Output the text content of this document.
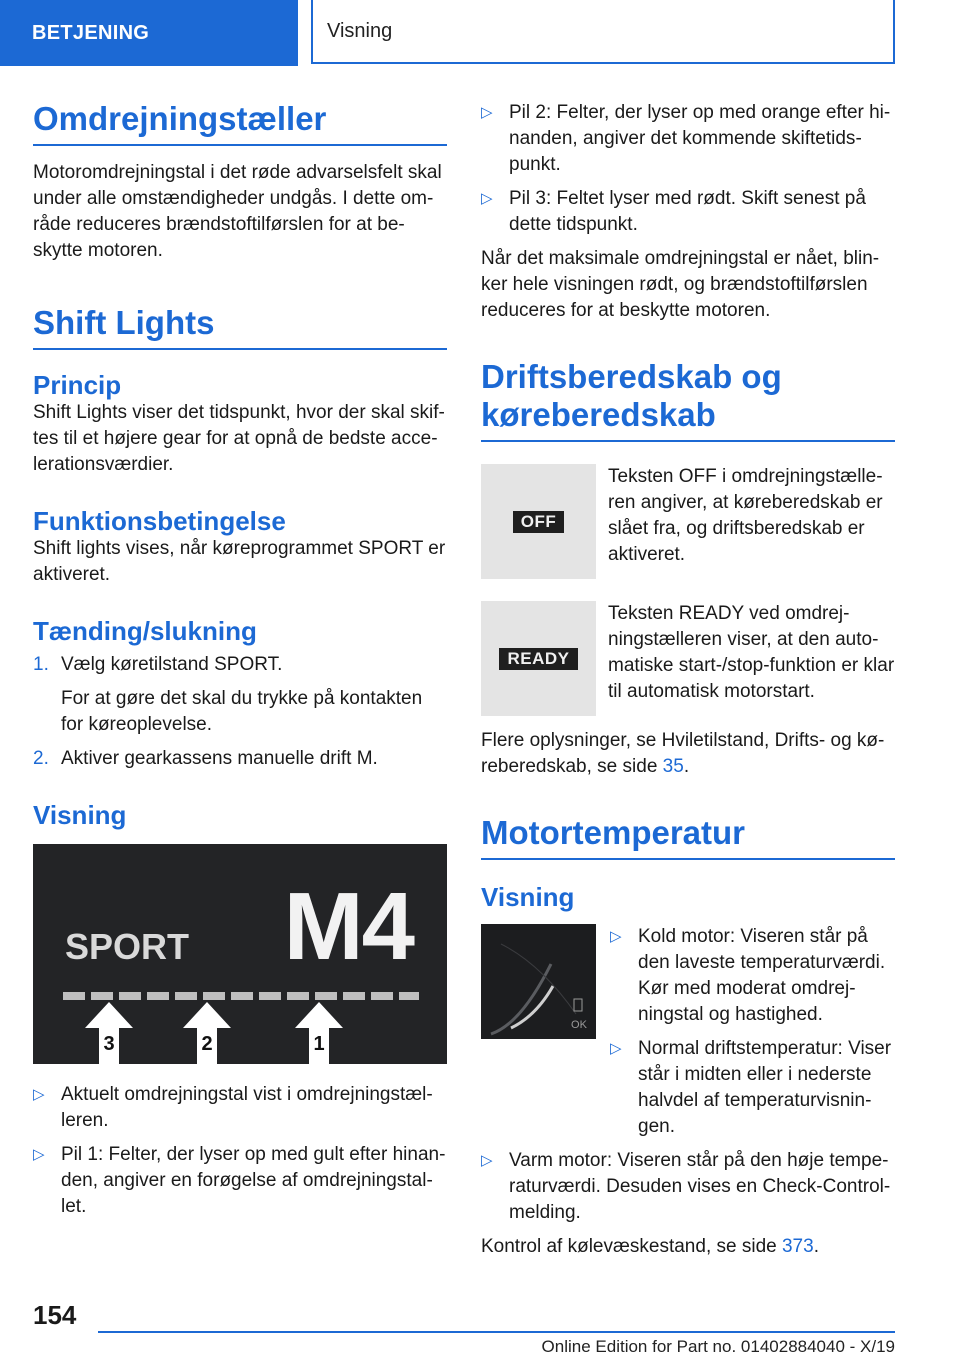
BETJENING	Visning
Omdrejningstæller

Motoromdrejningstal i det røde advarselsfelt skal under alle omstændigheder undgås. I dette område reduceres brændstoftilførslen for at beskytte motoren.

Shift Lights
Princip

Shift Lights viser det tidspunkt, hvor der skal skiftes til et højere gear for at opnå de bedste accelerationsværdier.

Funktionsbetingelse

Shift lights vises, når køreprogrammet SPORT er aktiveret.

Tænding/slukning
1. Vælg køretilstand SPORT.
For at gøre det skal du trykke på kontakten for køreoplevelse.
2. Aktiver gearkassens manuelle drift M.
Visning
M4
SPORT
3	2	1
▷ Aktuelt omdrejningstal vist i omdrejningstælleren.
▷ Pil 1: Felter, der lyser op med gult efter hinanden, angiver en forøgelse af omdrejningstallet.
▷ Pil 2: Felter, der lyser op med orange efter hinanden, angiver det kommende skiftetidspunkt.
▷ Pil 3: Feltet lyser med rødt. Skift senest på dette tidspunkt.

Når det maksimale omdrejningstal er nået, blinker hele visningen rødt, og brændstoftilførslen reduceres for at beskytte motoren.

Driftsberedskab og køreberedskab
OFF

Teksten OFF i omdrejningstælleren angiver, at køreberedskab er slået fra, og driftsberedskab er aktiveret.

READY

Teksten READY ved omdrejningstælleren viser, at den automatiske start-/stop-funktion er klar til automatisk motorstart.

Flere oplysninger, se Hviletilstand, Drifts- og køreberedskab, se side 35.

Motortemperatur
Visning
OK
▷ Kold motor: Viseren står på den laveste temperaturværdi. Kør med moderat omdrejningstal og hastighed.
▷ Normal driftstemperatur: Viser står i midten eller i nederste halvdel af temperaturvisningen.
▷ Varm motor: Viseren står på den høje temperaturværdi. Desuden vises en Check-Control-melding.

Kontrol af kølevæskestand, se side 373.

154
Online Edition for Part no. 01402884040 - X/19
